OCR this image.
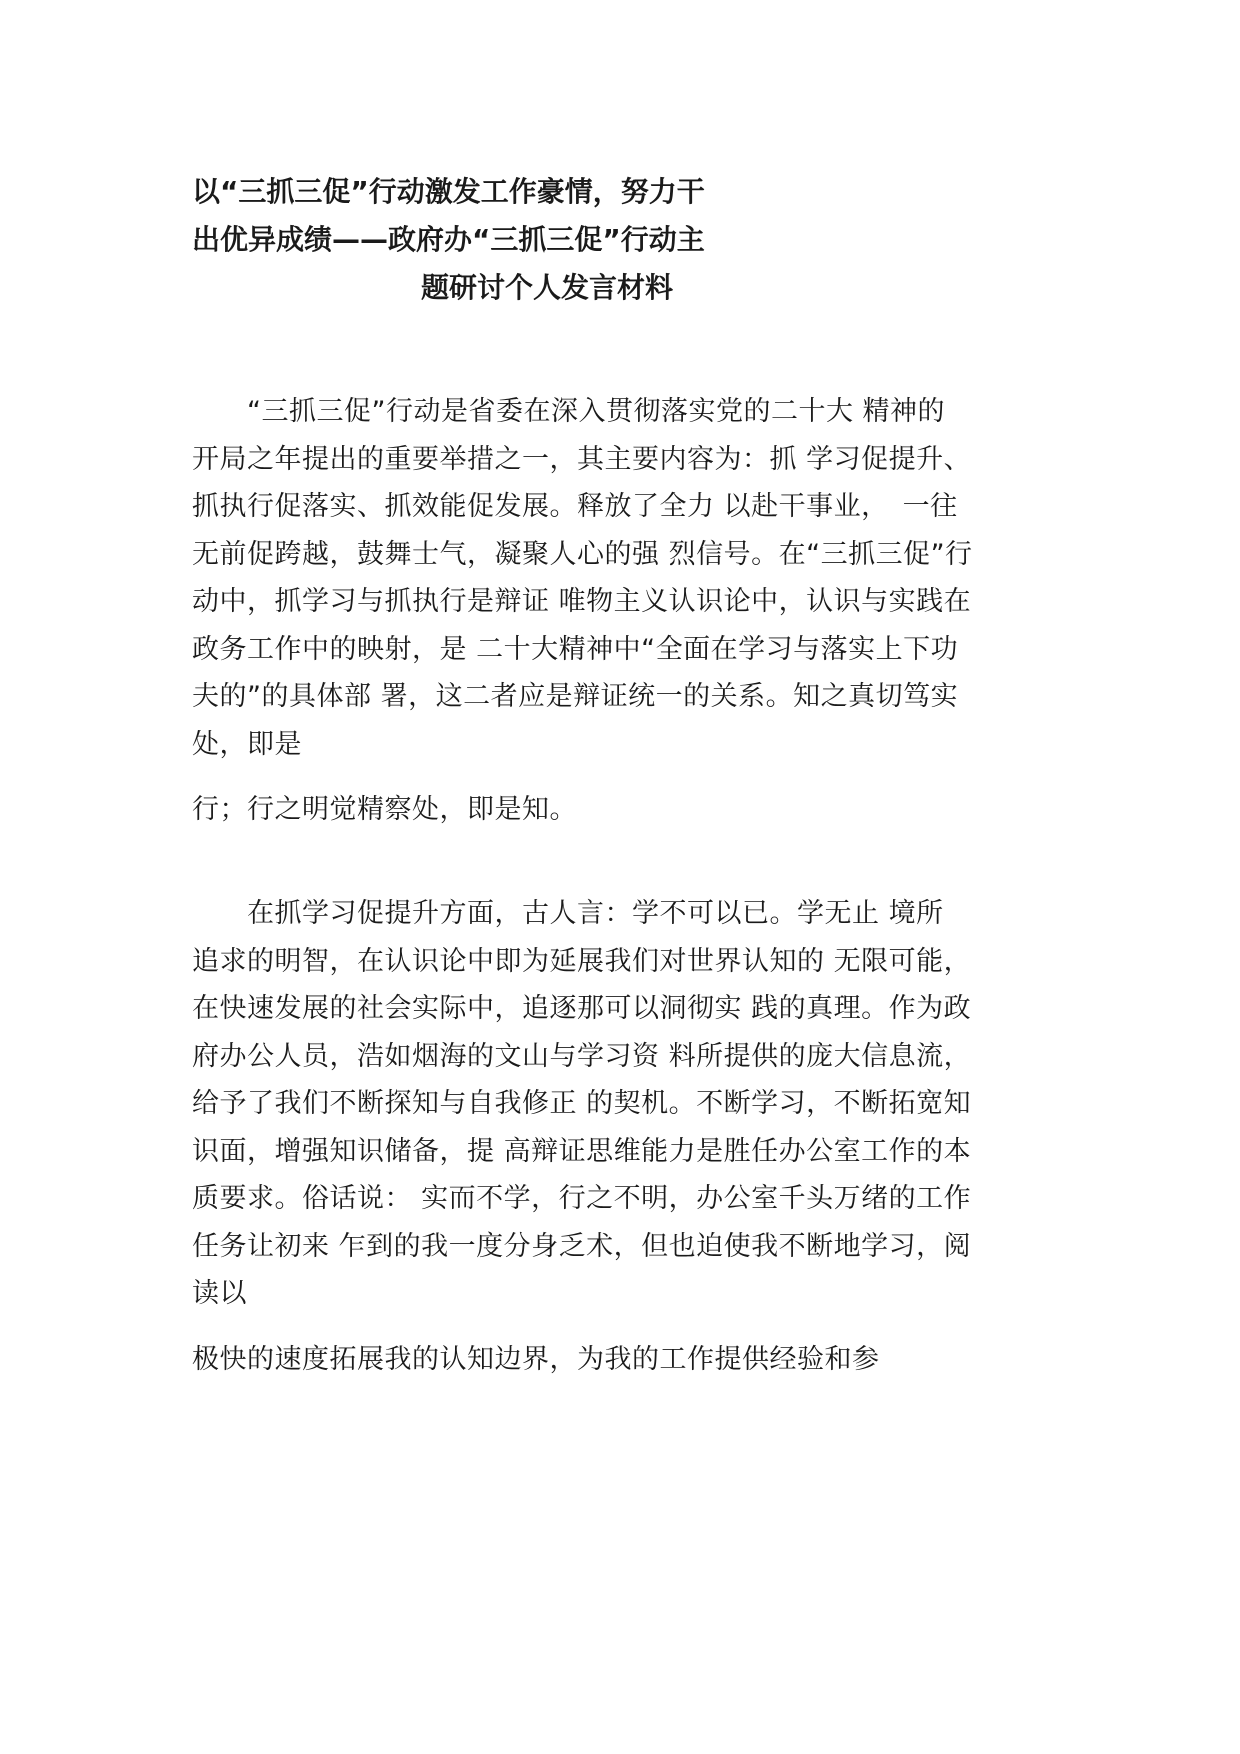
以“三抓三促”行动激发工作豪情，努力干
出优异成绩——政府办“三抓三促”行动主
题研讨个人发言材料
　　“三抓三促”行动是省委在深入贯彻落实党的二十大 精神的
开局之年提出的重要举措之一，其主要内容为：抓 学习促提升、
抓执行促落实、抓效能促发展。释放了全力 以赴干事业，　一往
无前促跨越，鼓舞士气，凝聚人心的强 烈信号。在“三抓三促”行
动中，抓学习与抓执行是辩证 唯物主义认识论中，认识与实践在
政务工作中的映射，是 二十大精神中“全面在学习与落实上下功
夫的”的具体部 署，这二者应是辩证统一的关系。知之真切笃实
处，即是
行；行之明觉精察处，即是知。
　　在抓学习促提升方面，古人言：学不可以已。学无止 境所
追求的明智，在认识论中即为延展我们对世界认知的 无限可能，
在快速发展的社会实际中，追逐那可以洞彻实 践的真理。作为政
府办公人员，浩如烟海的文山与学习资 料所提供的庞大信息流，
给予了我们不断探知与自我修正 的契机。不断学习，不断拓宽知
识面，增强知识储备，提 高辩证思维能力是胜任办公室工作的本
质要求。俗话说： 实而不学，行之不明，办公室千头万绪的工作
任务让初来 乍到的我一度分身乏术，但也迫使我不断地学习，阅
读以
极快的速度拓展我的认知边界，为我的工作提供经验和参
